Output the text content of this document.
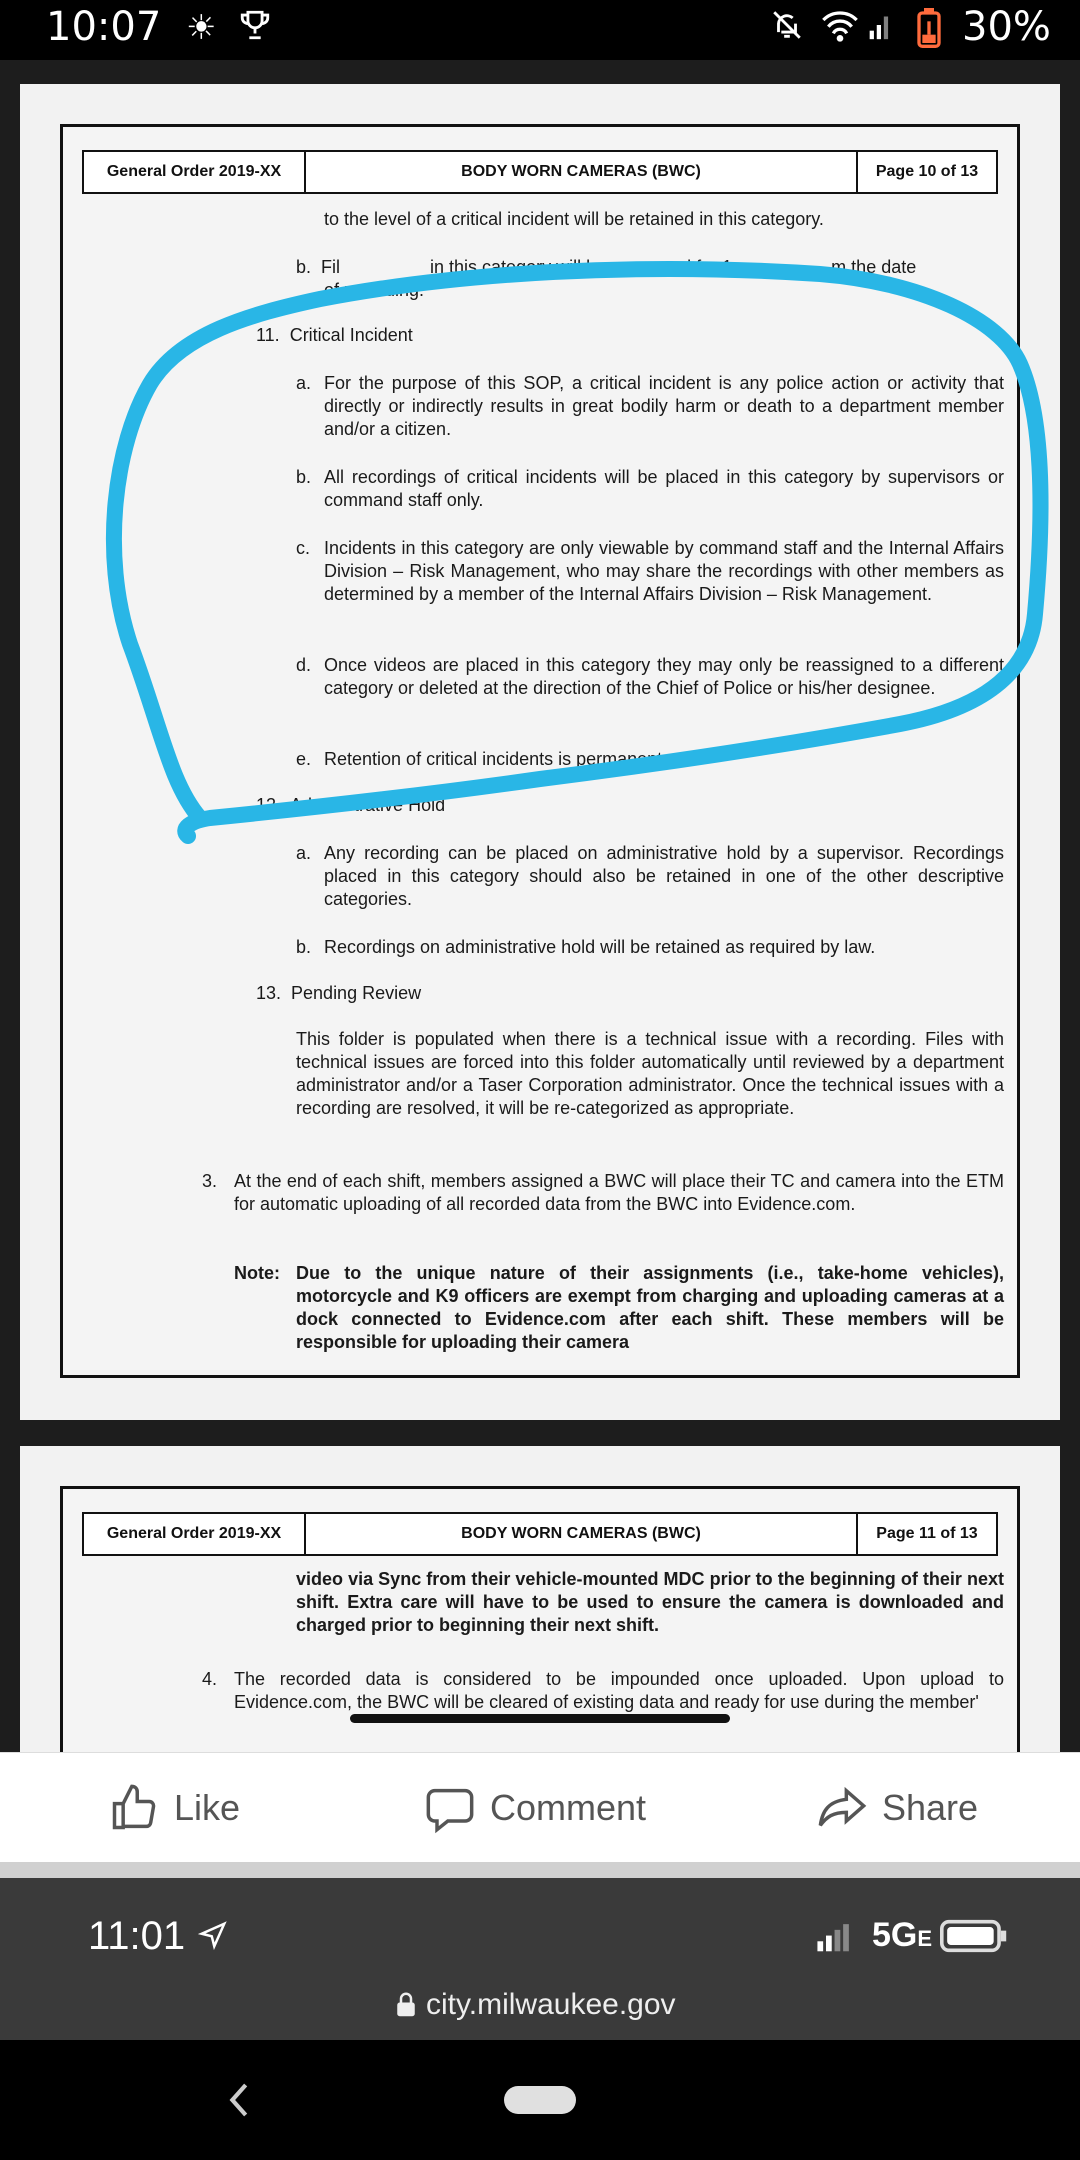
10:07 ☀	30%
General Order 2019-XX	BODY WORN CAMERAS (BWC)	Page 10 of 13
to the level of a critical incident will be retained in this category.
b.  Fil                  in this category will be preserved for 1 y                 m the date
of recording.
11.  Critical Incident
a. For the purpose of this SOP, a critical incident is any police action or activity that directly or indirectly results in great bodily harm or death to a department member and/or a citizen.
b. All recordings of critical incidents will be placed in this category by supervisors or command staff only.
c. Incidents in this category are only viewable by command staff and the Internal Affairs Division – Risk Management, who may share the recordings with other members as determined by a member of the Internal Affairs Division – Risk Management.
d. Once videos are placed in this category they may only be reassigned to a different category or deleted at the direction of the Chief of Police or his/her designee.
e. Retention of critical incidents is permanent.
12.  Administrative Hold
a. Any recording can be placed on administrative hold by a supervisor. Recordings placed in this category should also be retained in one of the other descriptive categories.
b. Recordings on administrative hold will be retained as required by law.
13.  Pending Review
This folder is populated when there is a technical issue with a recording. Files with technical issues are forced into this folder automatically until reviewed by a department administrator and/or a Taser Corporation administrator. Once the technical issues with a recording are resolved, it will be re-categorized as appropriate.
3. At the end of each shift, members assigned a BWC will place their TC and camera into the ETM for automatic uploading of all recorded data from the BWC into Evidence.com.
Note: Due to the unique nature of their assignments (i.e., take-home vehicles), motorcycle and K9 officers are exempt from charging and uploading cameras at a dock connected to Evidence.com after each shift. These members will be responsible for uploading their camera
General Order 2019-XX	BODY WORN CAMERAS (BWC)	Page 11 of 13
video via Sync from their vehicle-mounted MDC prior to the beginning of their next shift. Extra care will have to be used to ensure the camera is downloaded and charged prior to beginning their next shift.
4. The recorded data is considered to be impounded once uploaded. Upon upload to Evidence.com, the BWC will be cleared of existing data and ready for use during the member'
Like	Comment	Share
11:01	5GE
city.milwaukee.gov
